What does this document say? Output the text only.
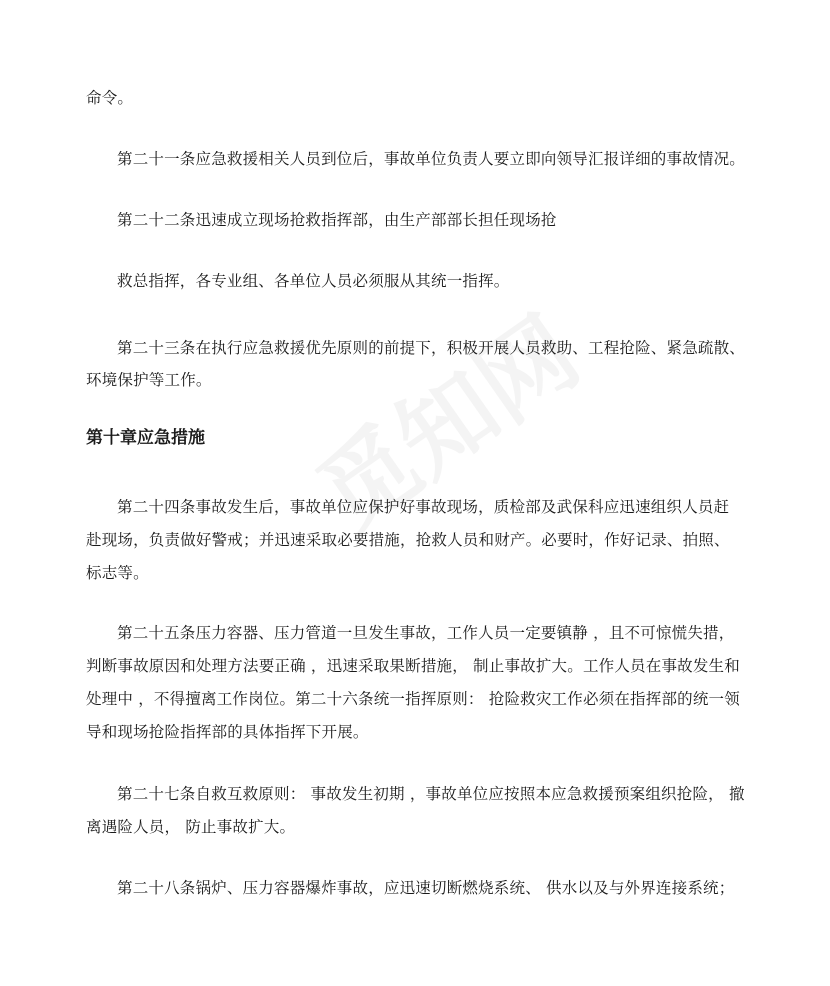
命令。
第二十一条应急救援相关人员到位后，事故单位负责人要立即向领导汇报详细的事故情况。
第二十二条迅速成立现场抢救指挥部，由生产部部长担任现场抢
救总指挥，各专业组、各单位人员必须服从其统一指挥。
第二十三条在执行应急救援优先原则的前提下，积极开展人员救助、工程抢险、紧急疏散、
环境保护等工作。
第十章应急措施
第二十四条事故发生后，事故单位应保护好事故现场，质检部及武保科应迅速组织人员赶
赴现场，负责做好警戒；并迅速采取必要措施，抢救人员和财产。必要时，作好记录、拍照、
标志等。
第二十五条压力容器、压力管道一旦发生事故，工作人员一定要镇静 ，且不可惊慌失措，
判断事故原因和处理方法要正确 ，迅速采取果断措施， 制止事故扩大。工作人员在事故发生和
处理中 ，不得擅离工作岗位。第二十六条统一指挥原则： 抢险救灾工作必须在指挥部的统一领
导和现场抢险指挥部的具体指挥下开展。
第二十七条自救互救原则： 事故发生初期 ，事故单位应按照本应急救援预案组织抢险， 撤
离遇险人员， 防止事故扩大。
第二十八条锅炉、压力容器爆炸事故，应迅速切断燃烧系统、 供水以及与外界连接系统；
